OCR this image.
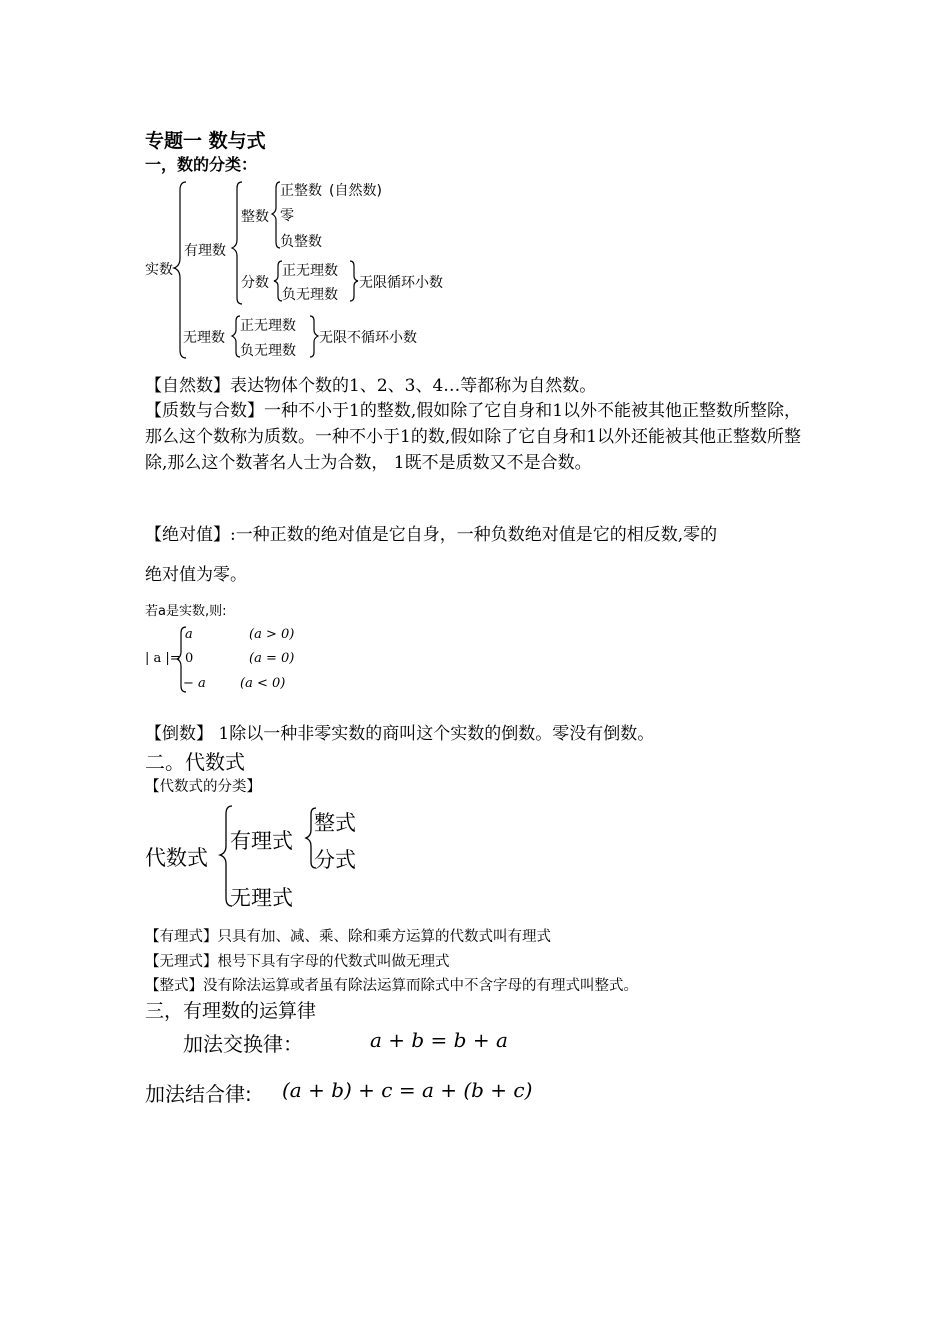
专题一 数与式
一，数的分类：
实数
有理数
整数
正整数 (自然数)
零
负整数
分数
正无理数
负无理数
无限循环小数
无理数
正无理数
负无理数
无限不循环小数
【自然数】表达物体个数的1、2、3、4…等都称为自然数。
【质数与合数】一种不小于1的整数,假如除了它自身和1以外不能被其他正整数所整除，那么这个数称为质数。一种不小于1的数,假如除了它自身和1以外还能被其他正整数所整除,那么这个数著名人士为合数， 1既不是质数又不是合数。
【绝对值】:一种正数的绝对值是它自身，一种负数绝对值是它的相反数,零的
绝对值为零。
若a是实数,则:
| a |=
a	(a > 0)
0	(a = 0)
− a	(a < 0)
【倒数】 1除以一种非零实数的商叫这个实数的倒数。零没有倒数。
二。代数式
【代数式的分类】
代数式
有理式
整式
分式
无理式
【有理式】只具有加、减、乘、除和乘方运算的代数式叫有理式
【无理式】根号下具有字母的代数式叫做无理式
【整式】没有除法运算或者虽有除法运算而除式中不含字母的有理式叫整式。
三，有理数的运算律
加法交换律：	a + b = b + a
加法结合律: (a + b) + c = a + (b + c)
